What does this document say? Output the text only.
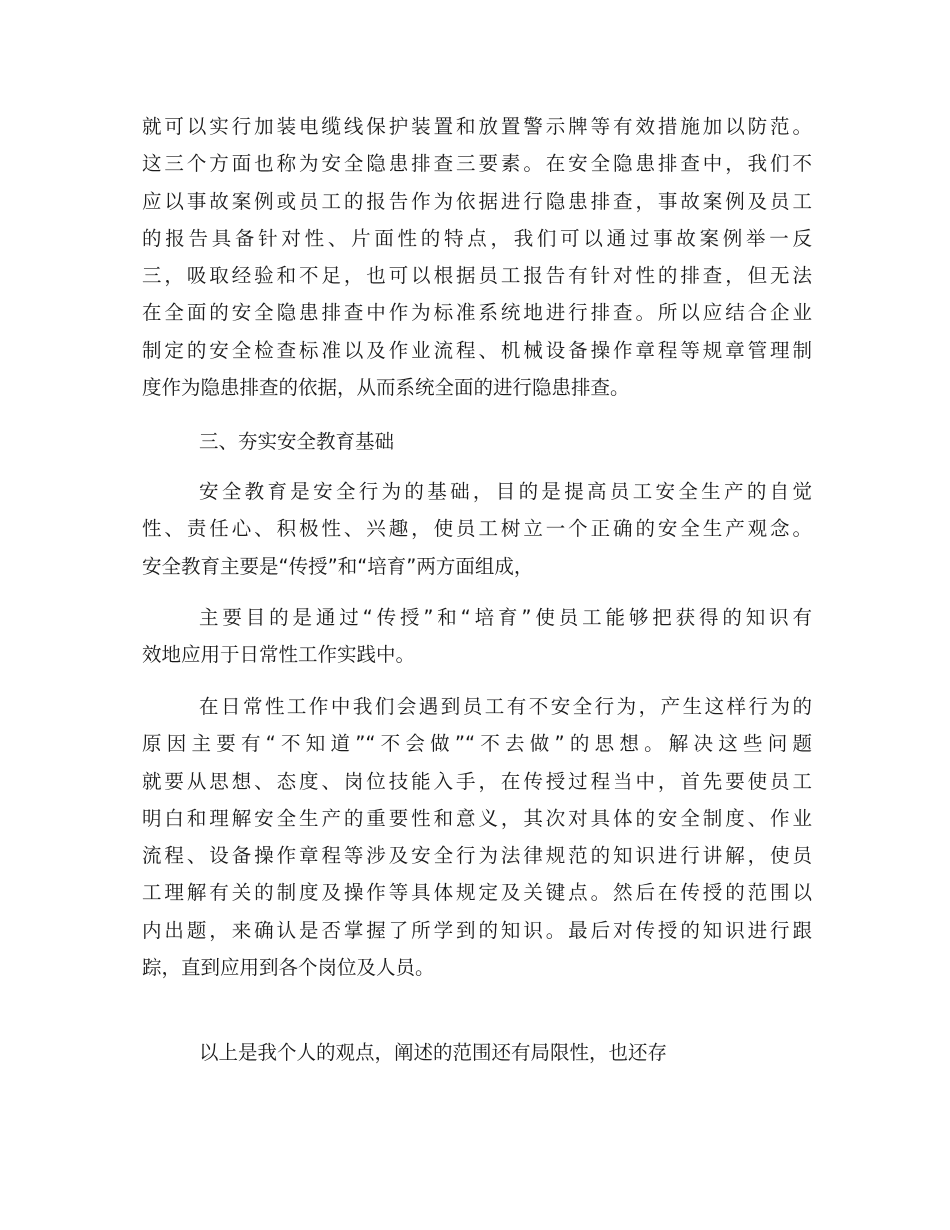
就可以实行加装电缆线保护装置和放置警示牌等有效措施加以防范。
这三个方面也称为安全隐患排查三要素。在安全隐患排查中，我们不
应以事故案例或员工的报告作为依据进行隐患排查，事故案例及员工
的报告具备针对性、片面性的特点，我们可以通过事故案例举一反
三，吸取经验和不足，也可以根据员工报告有针对性的排查，但无法
在全面的安全隐患排查中作为标准系统地进行排查。所以应结合企业
制定的安全检查标准以及作业流程、机械设备操作章程等规章管理制
度作为隐患排查的依据，从而系统全面的进行隐患排查。
三、夯实安全教育基础
安全教育是安全行为的基础，目的是提高员工安全生产的自觉
性、责任心、积极性、兴趣，使员工树立一个正确的安全生产观念。
安全教育主要是“传授”和“培育”两方面组成，
主要目的是通过“传授”和“培育”使员工能够把获得的知识有
效地应用于日常性工作实践中。
在日常性工作中我们会遇到员工有不安全行为，产生这样行为的
原因主要有“不知道”“不会做”“不去做”的思想。解决这些问题
就要从思想、态度、岗位技能入手，在传授过程当中，首先要使员工
明白和理解安全生产的重要性和意义，其次对具体的安全制度、作业
流程、设备操作章程等涉及安全行为法律规范的知识进行讲解，使员
工理解有关的制度及操作等具体规定及关键点。然后在传授的范围以
内出题，来确认是否掌握了所学到的知识。最后对传授的知识进行跟
踪，直到应用到各个岗位及人员。
以上是我个人的观点，阐述的范围还有局限性，也还存
